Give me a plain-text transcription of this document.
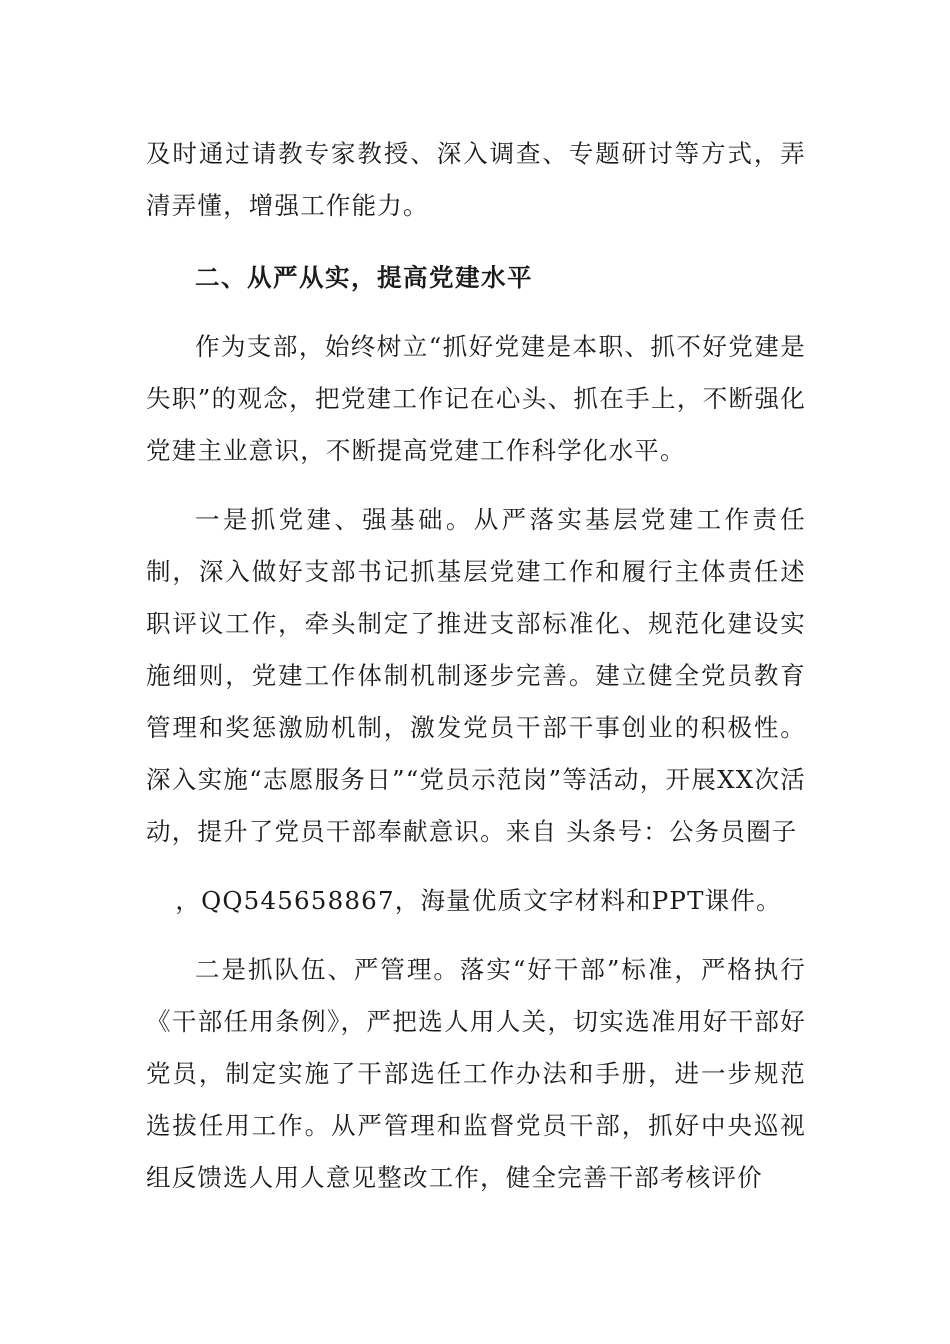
及时通过请教专家教授、深入调查、专题研讨等方式，弄清弄懂，增强工作能力。

二、从严从实，提高党建水平

作为支部，始终树立“抓好党建是本职、抓不好党建是失职”的观念，把党建工作记在心头、抓在手上，不断强化党建主业意识，不断提高党建工作科学化水平。

一是抓党建、强基础。从严落实基层党建工作责任制，深入做好支部书记抓基层党建工作和履行主体责任述职评议工作，牵头制定了推进支部标准化、规范化建设实施细则，党建工作体制机制逐步完善。建立健全党员教育管理和奖惩激励机制，激发党员干部干事创业的积极性。深入实施“志愿服务日”“党员示范岗”等活动，开展XX次活动，提升了党员干部奉献意识。来自 头条号：公务员圈子

，QQ545658867，海量优质文字材料和PPT课件。

二是抓队伍、严管理。落实“好干部”标准，严格执行《干部任用条例》，严把选人用人关，切实选准用好干部好党员，制定实施了干部选任工作办法和手册，进一步规范选拔任用工作。从严管理和监督党员干部，抓好中央巡视组反馈选人用人意见整改工作，健全完善干部考核评价
